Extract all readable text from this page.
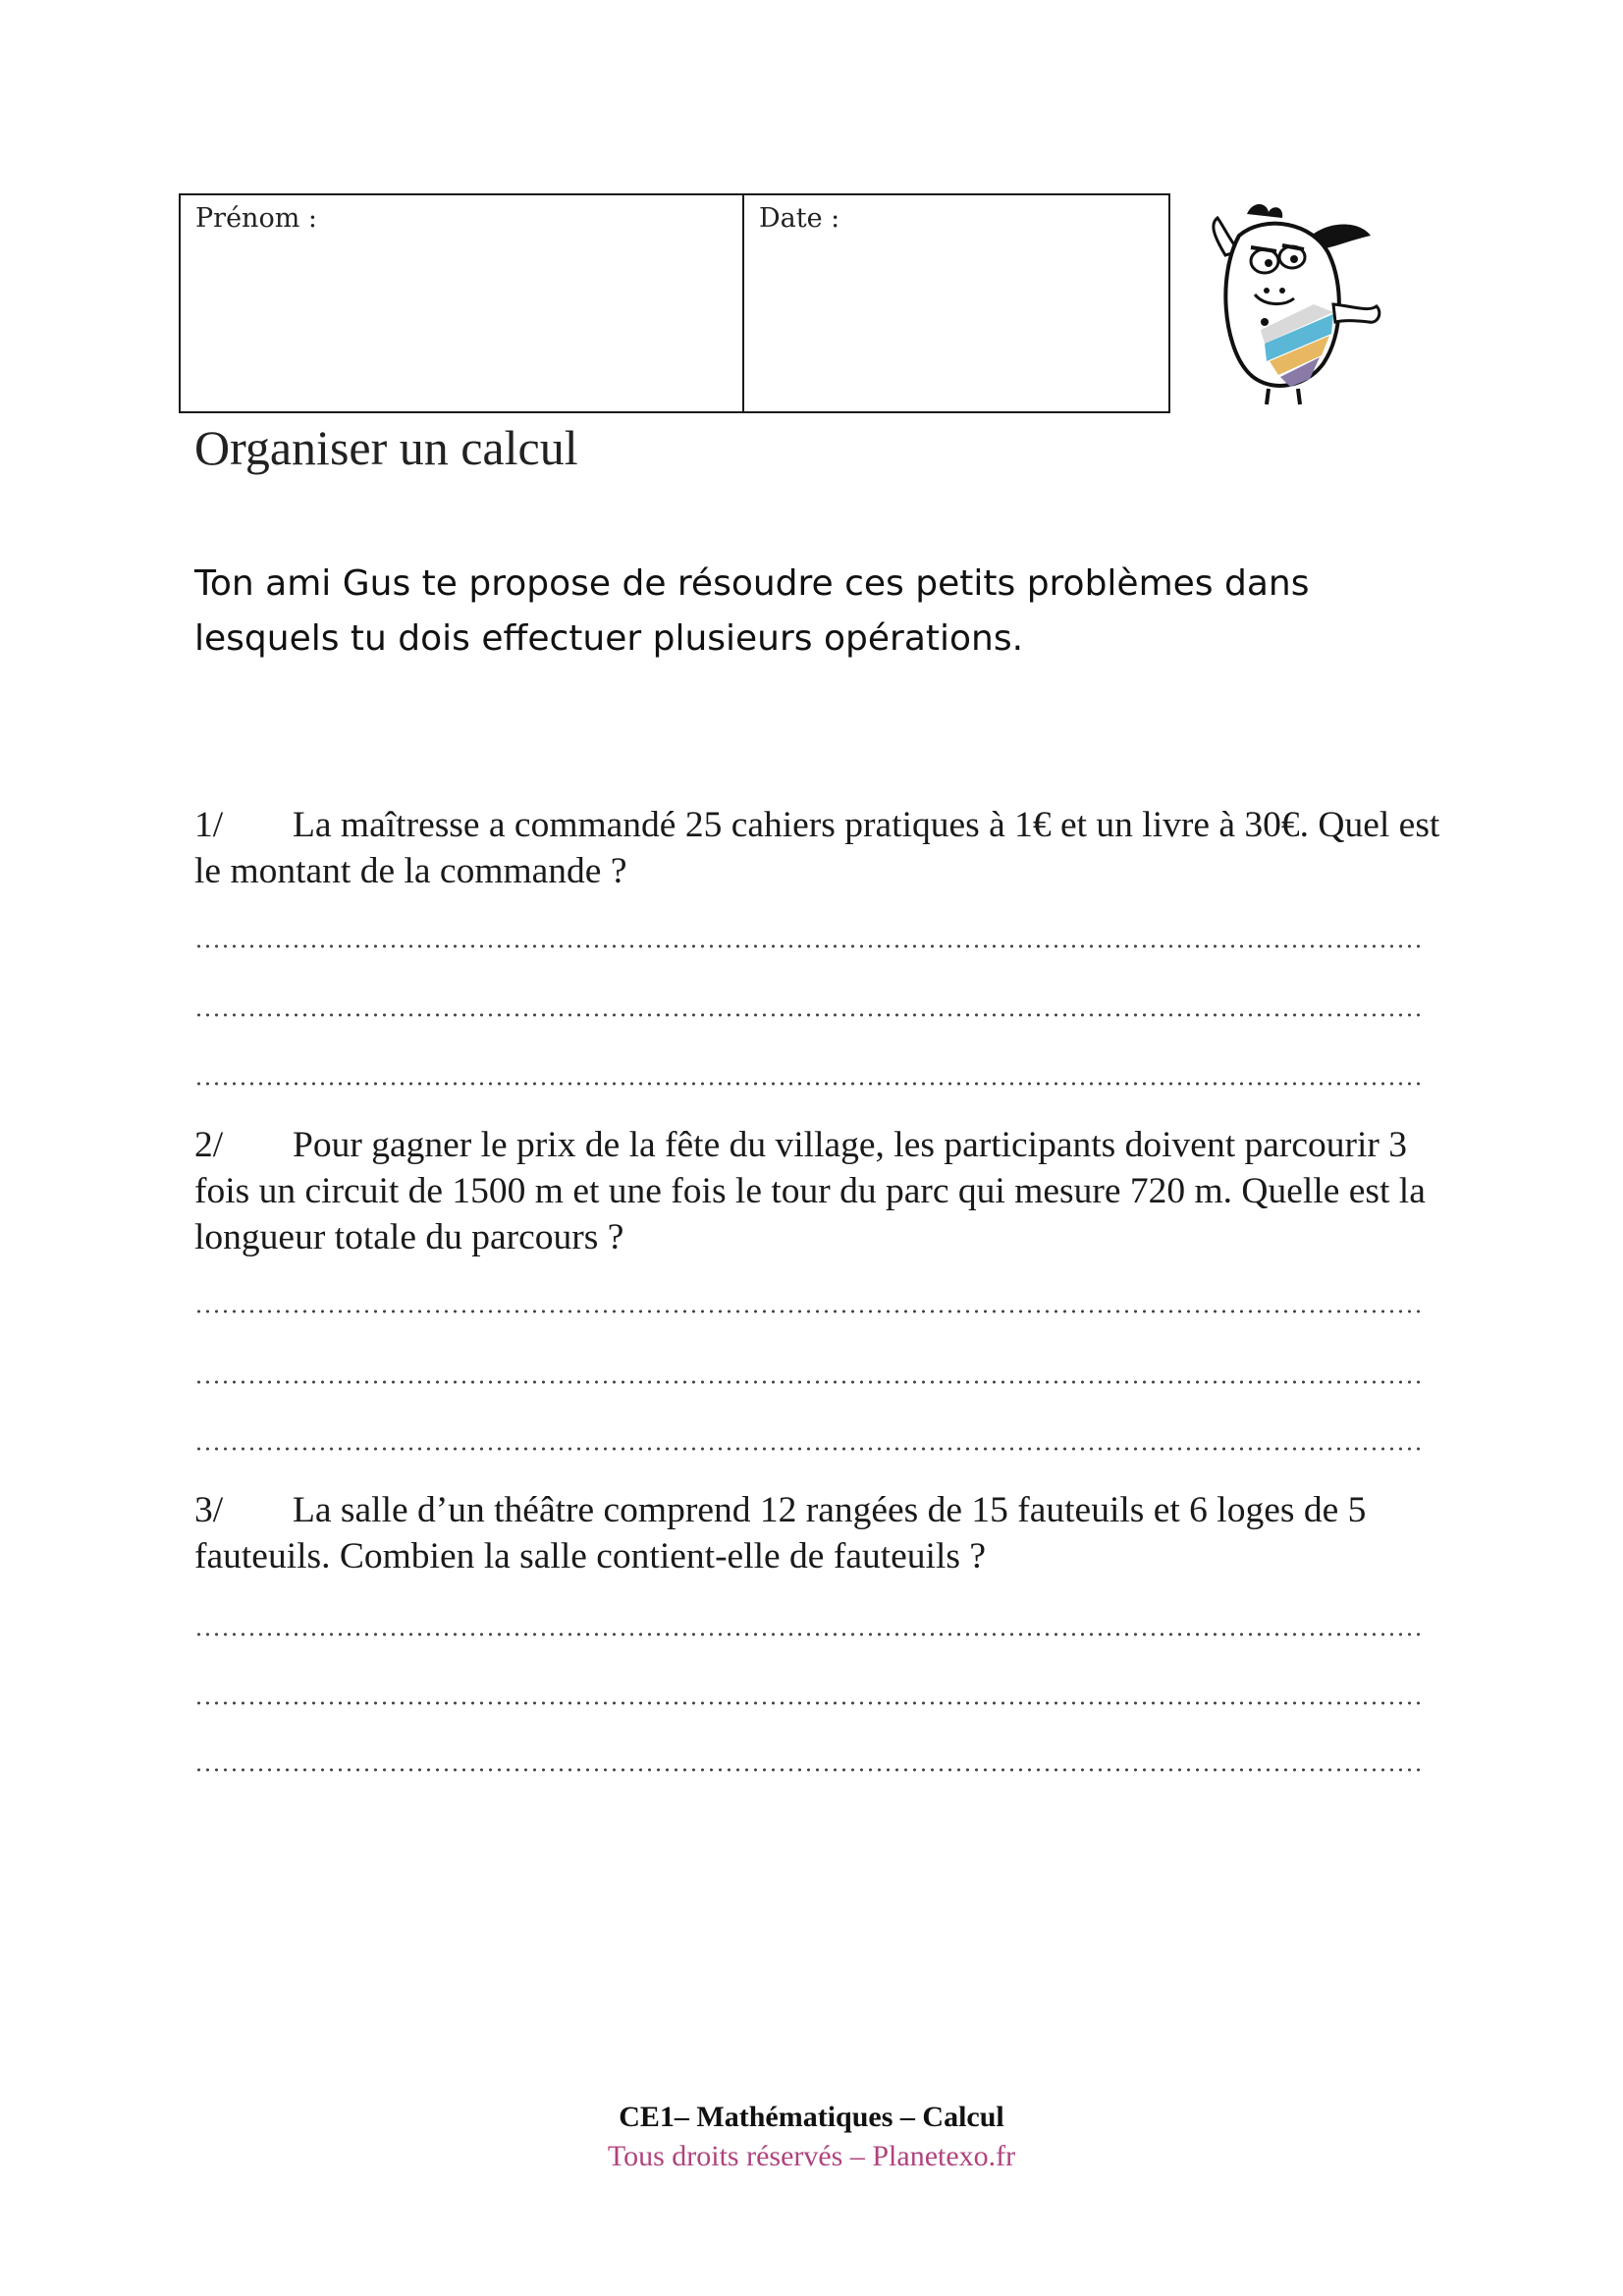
Prénom :	Date :
Organiser un calcul
Ton ami Gus te propose de résoudre ces petits problèmes dans lesquels tu dois effectuer plusieurs opérations.
1/ La maîtresse a commandé 25 cahiers pratiques à 1€ et un livre à 30€. Quel est le montant de la commande ?
2/ Pour gagner le prix de la fête du village, les participants doivent parcourir 3 fois un circuit de 1500 m et une fois le tour du parc qui mesure 720 m. Quelle est la longueur totale du parcours ?
3/ La salle d’un théâtre comprend 12 rangées de 15 fauteuils et 6 loges de 5 fauteuils. Combien la salle contient-elle de fauteuils ?
CE1– Mathématiques – Calcul
Tous droits réservés – Planetexo.fr
